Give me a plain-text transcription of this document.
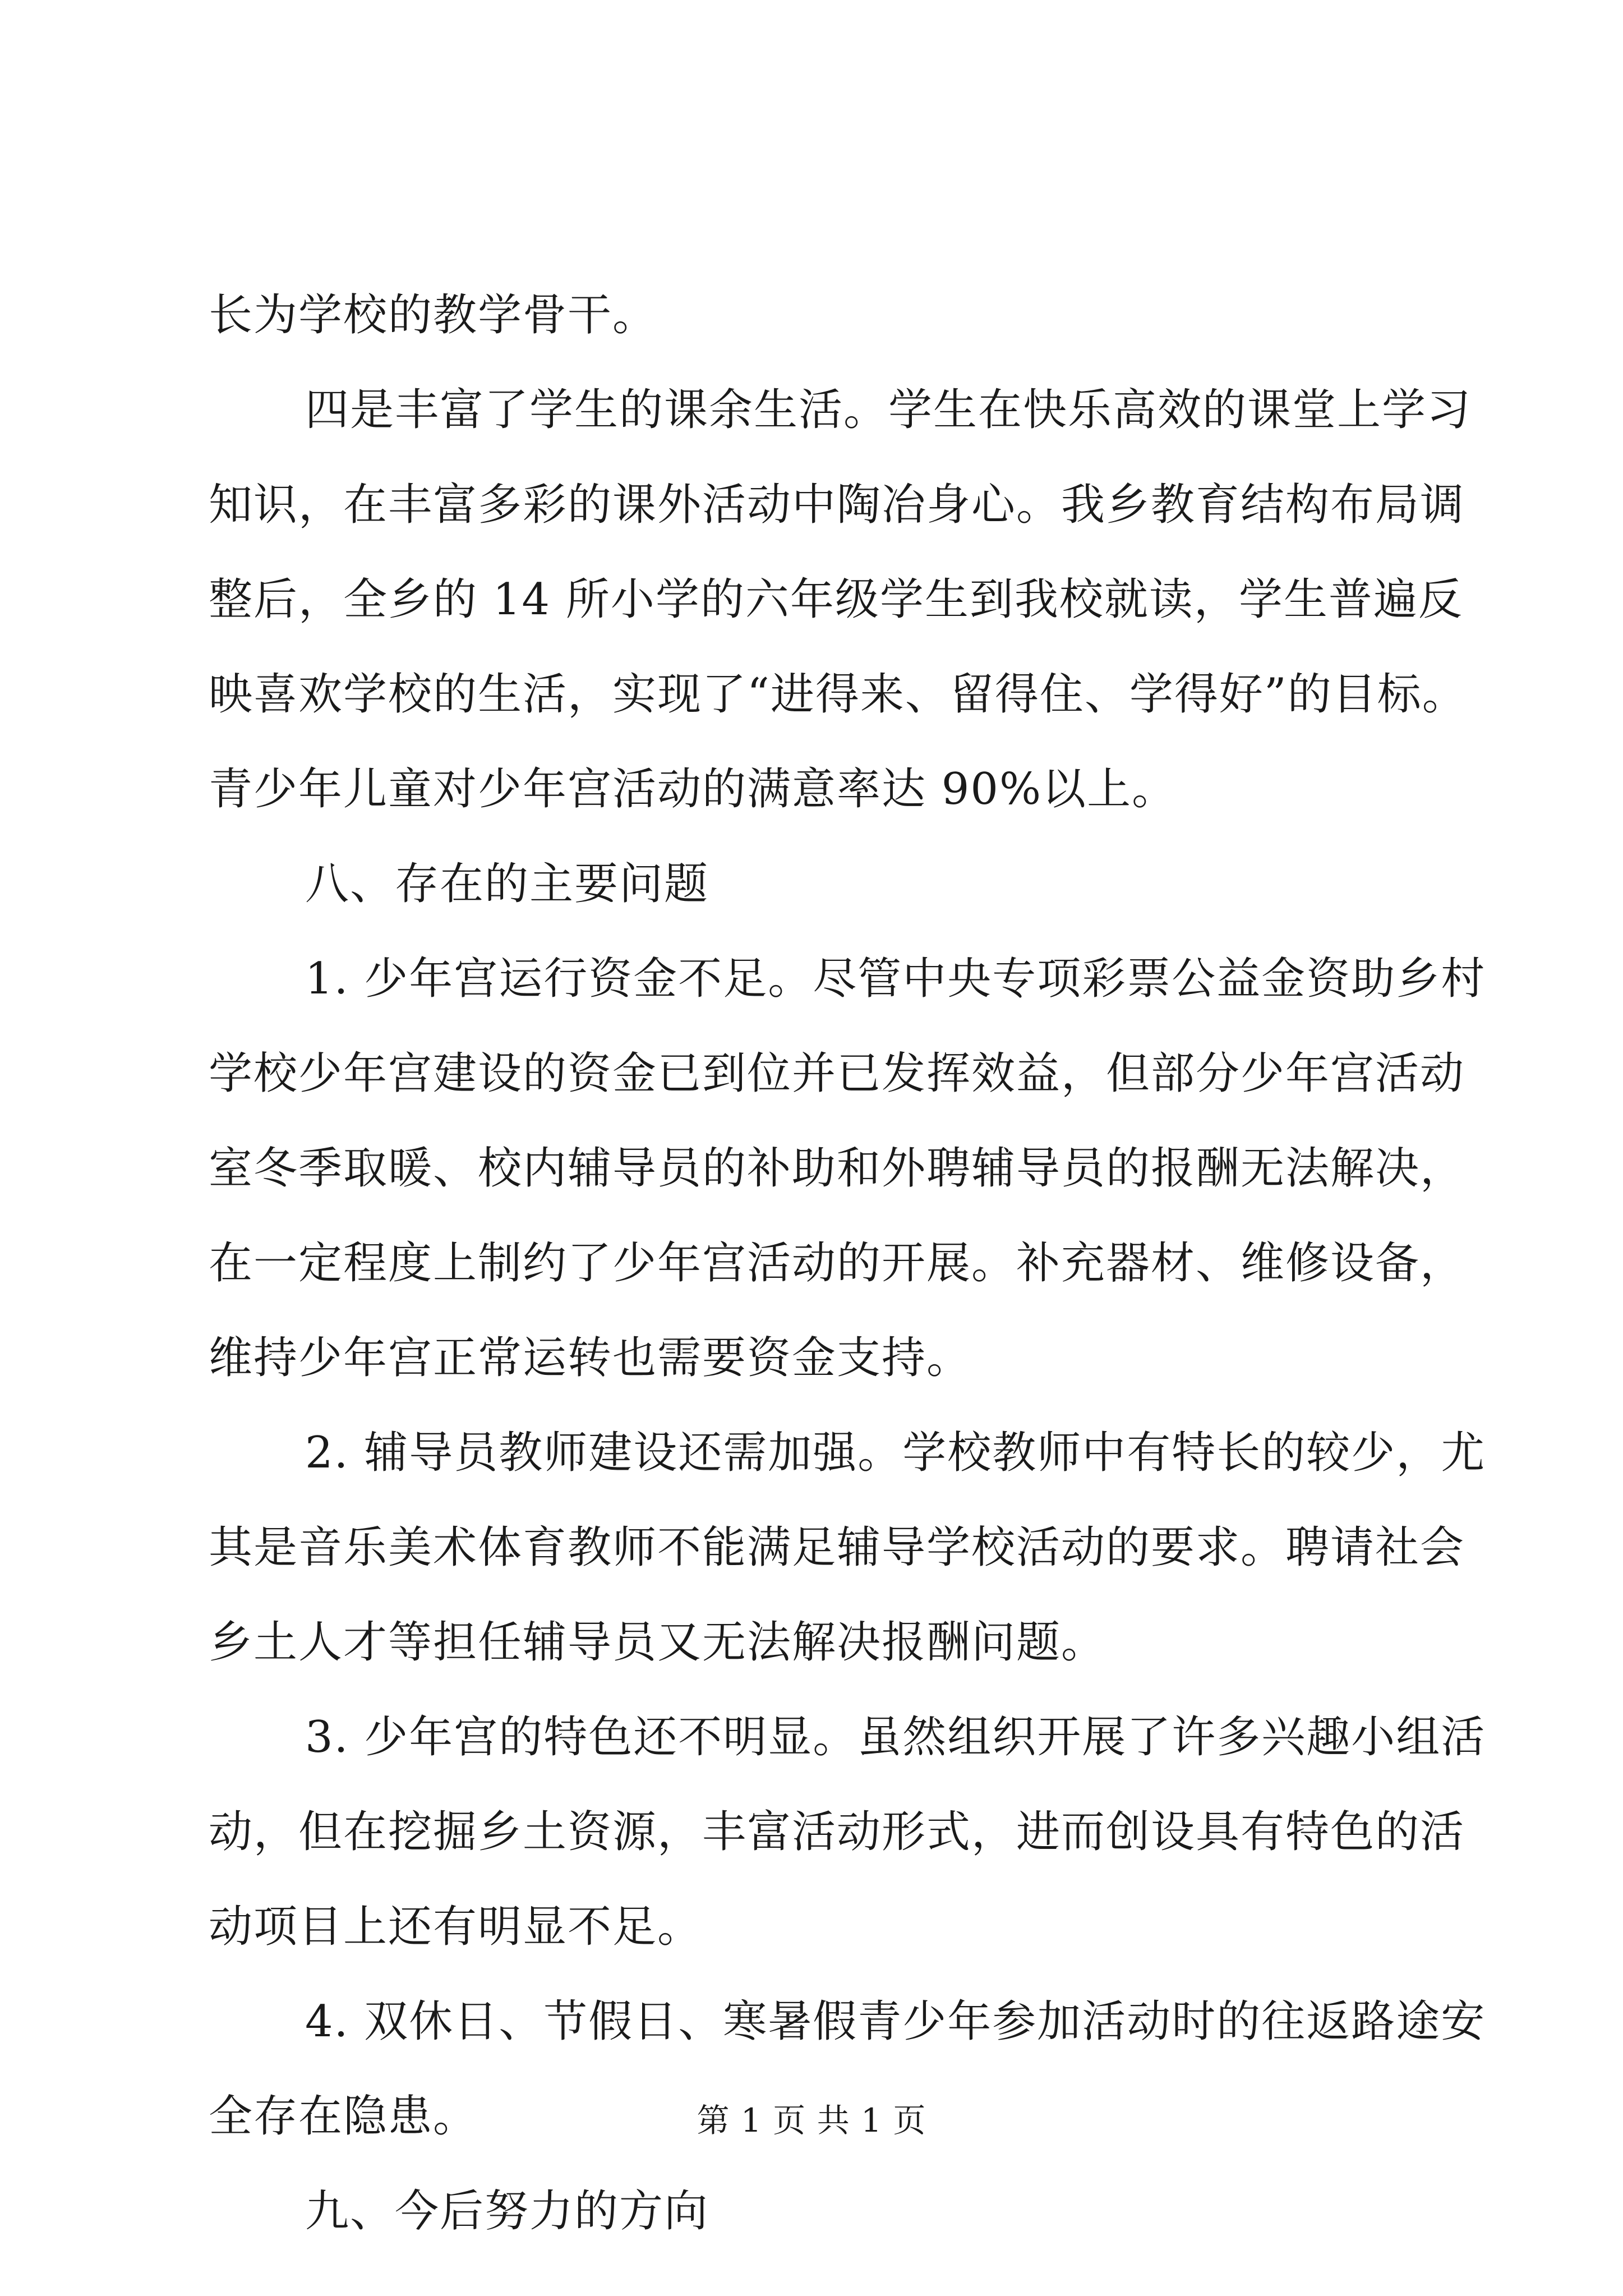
长为学校的教学骨干。
四是丰富了学生的课余生活。学生在快乐高效的课堂上学习
知识，在丰富多彩的课外活动中陶冶身心。我乡教育结构布局调
整后，全乡的 14 所小学的六年级学生到我校就读，学生普遍反
映喜欢学校的生活，实现了“进得来、留得住、学得好”的目标。
青少年儿童对少年宫活动的满意率达 90%以上。
八、存在的主要问题
1. 少年宫运行资金不足。尽管中央专项彩票公益金资助乡村
学校少年宫建设的资金已到位并已发挥效益，但部分少年宫活动
室冬季取暖、校内辅导员的补助和外聘辅导员的报酬无法解决，
在一定程度上制约了少年宫活动的开展。补充器材、维修设备，
维持少年宫正常运转也需要资金支持。
2. 辅导员教师建设还需加强。学校教师中有特长的较少，尤
其是音乐美术体育教师不能满足辅导学校活动的要求。聘请社会
乡土人才等担任辅导员又无法解决报酬问题。
3. 少年宫的特色还不明显。虽然组织开展了许多兴趣小组活
动，但在挖掘乡土资源，丰富活动形式，进而创设具有特色的活
动项目上还有明显不足。
4. 双休日、节假日、寒暑假青少年参加活动时的往返路途安
全存在隐患。
九、今后努力的方向
第 1 页 共 1 页
